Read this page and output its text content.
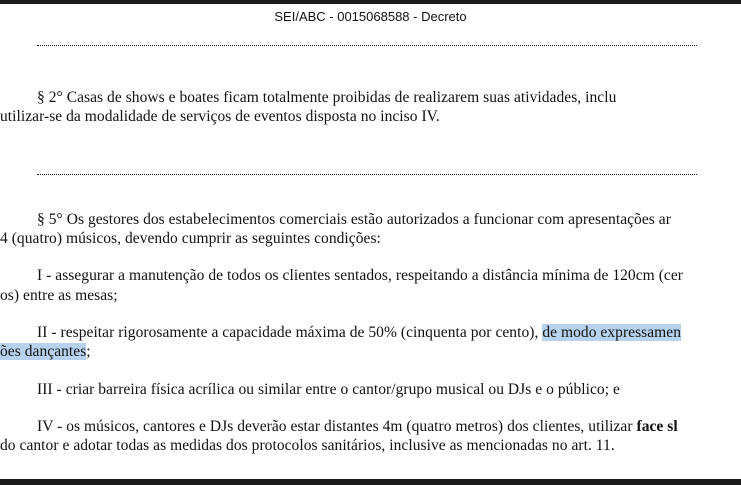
SEI/ABC - 0015068588 - Decreto
§ 2° Casas de shows e boates ficam totalmente proibidas de realizarem suas atividades, inclu
utilizar-se da modalidade de serviços de eventos disposta no inciso IV.
§ 5° Os gestores dos estabelecimentos comerciais estão autorizados a funcionar com apresentações ar
4 (quatro) músicos, devendo cumprir as seguintes condições:
I - assegurar a manutenção de todos os clientes sentados, respeitando a distância mínima de 120cm (cer
os) entre as mesas;
II - respeitar rigorosamente a capacidade máxima de 50% (cinquenta por cento), de modo expressamen
ões dançantes;
III - criar barreira física acrílica ou similar entre o cantor/grupo musical ou DJs e o público; e
IV - os músicos, cantores e DJs deverão estar distantes 4m (quatro metros) dos clientes, utilizar face sl
do cantor e adotar todas as medidas dos protocolos sanitários, inclusive as mencionadas no art. 11.
